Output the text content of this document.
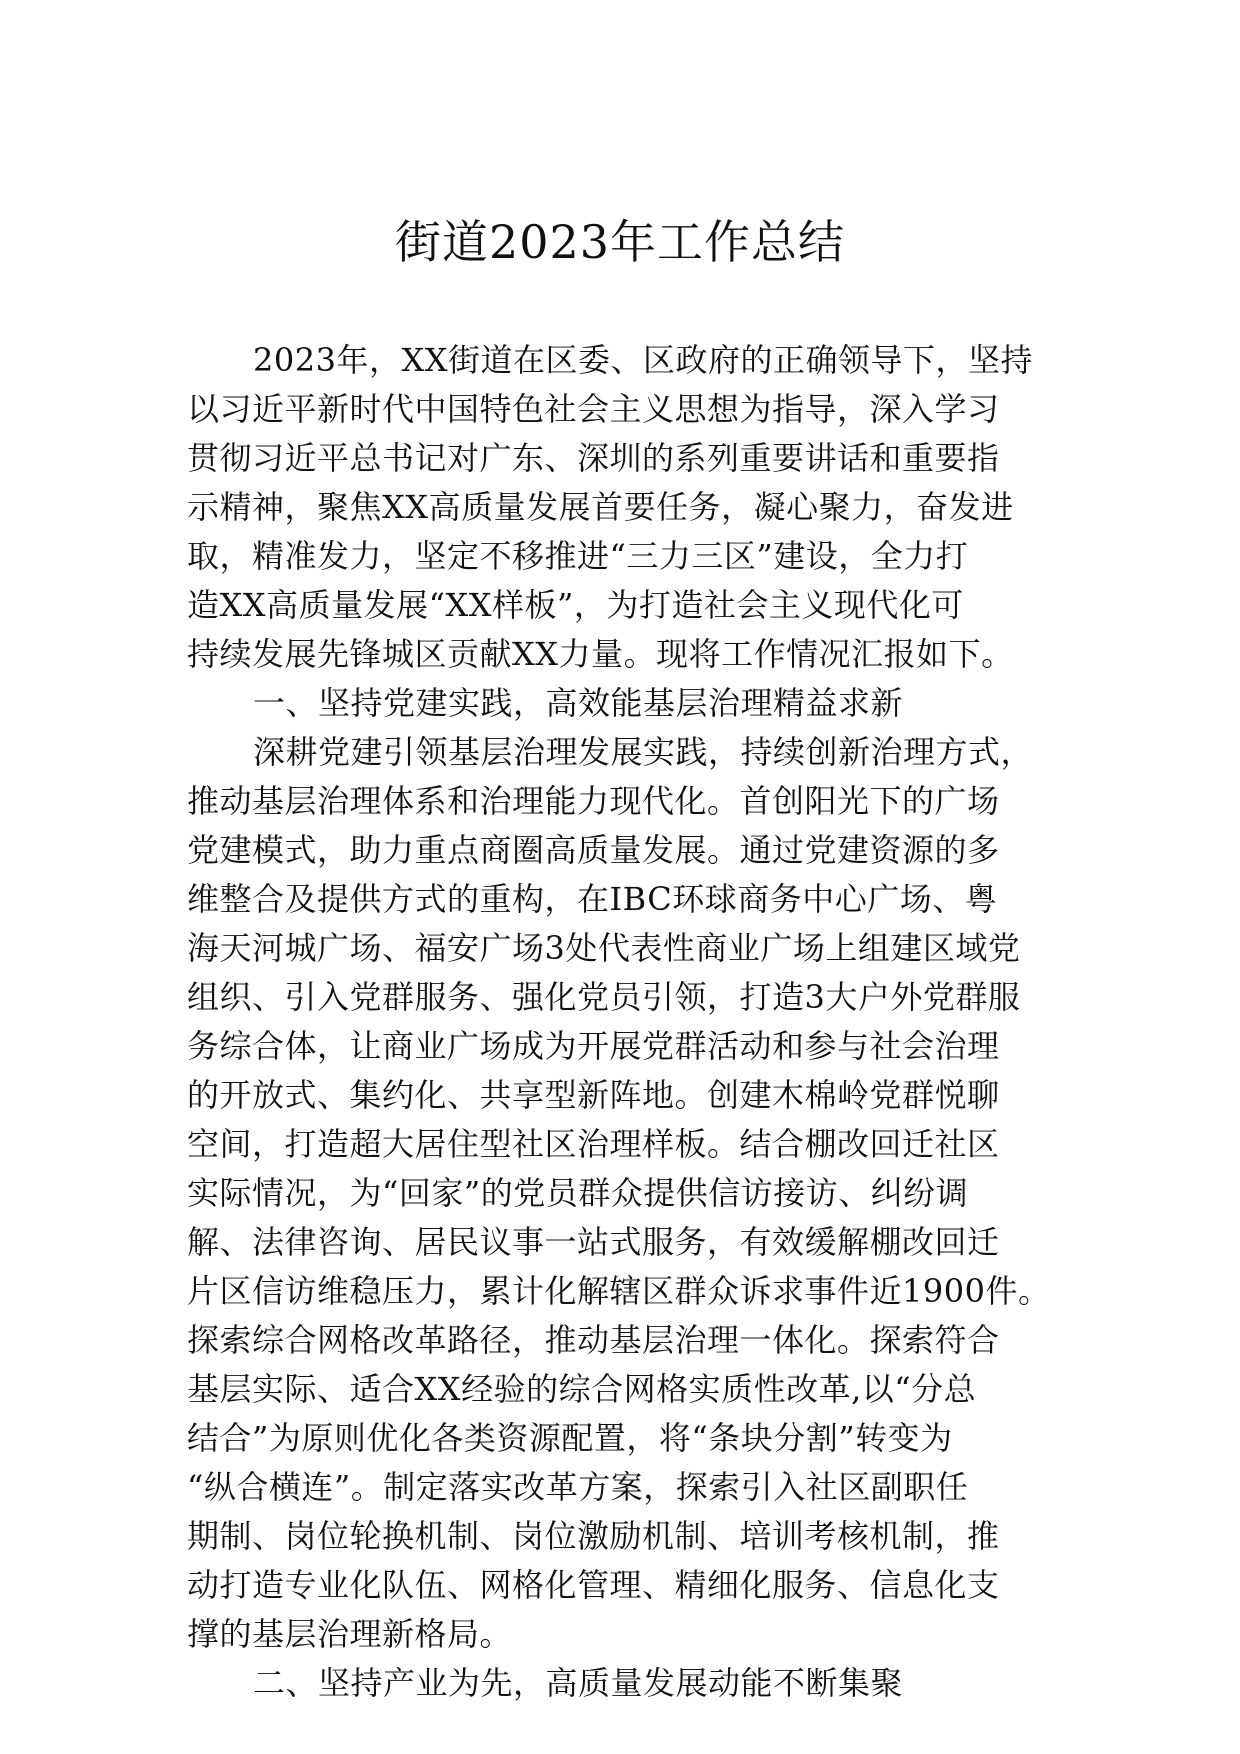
街道2023年工作总结
2023年，XX街道在区委、区政府的正确领导下，坚持
以习近平新时代中国特色社会主义思想为指导，深入学习
贯彻习近平总书记对广东、深圳的系列重要讲话和重要指
示精神，聚焦XX高质量发展首要任务，凝心聚力，奋发进
取，精准发力，坚定不移推进“三力三区”建设，全力打
造XX高质量发展“XX样板”，为打造社会主义现代化可
持续发展先锋城区贡献XX力量。现将工作情况汇报如下。
一、坚持党建实践，高效能基层治理精益求新
深耕党建引领基层治理发展实践，持续创新治理方式，
推动基层治理体系和治理能力现代化。首创阳光下的广场
党建模式，助力重点商圈高质量发展。通过党建资源的多
维整合及提供方式的重构，在IBC环球商务中心广场、粤
海天河城广场、福安广场3处代表性商业广场上组建区域党
组织、引入党群服务、强化党员引领，打造3大户外党群服
务综合体，让商业广场成为开展党群活动和参与社会治理
的开放式、集约化、共享型新阵地。创建木棉岭党群悦聊
空间，打造超大居住型社区治理样板。结合棚改回迁社区
实际情况，为“回家”的党员群众提供信访接访、纠纷调
解、法律咨询、居民议事一站式服务，有效缓解棚改回迁
片区信访维稳压力，累计化解辖区群众诉求事件近1900件。
探索综合网格改革路径，推动基层治理一体化。探索符合
基层实际、适合XX经验的综合网格实质性改革,以“分总
结合”为原则优化各类资源配置，将“条块分割”转变为
“纵合横连”。制定落实改革方案，探索引入社区副职任
期制、岗位轮换机制、岗位激励机制、培训考核机制，推
动打造专业化队伍、网格化管理、精细化服务、信息化支
撑的基层治理新格局。
二、坚持产业为先，高质量发展动能不断集聚
